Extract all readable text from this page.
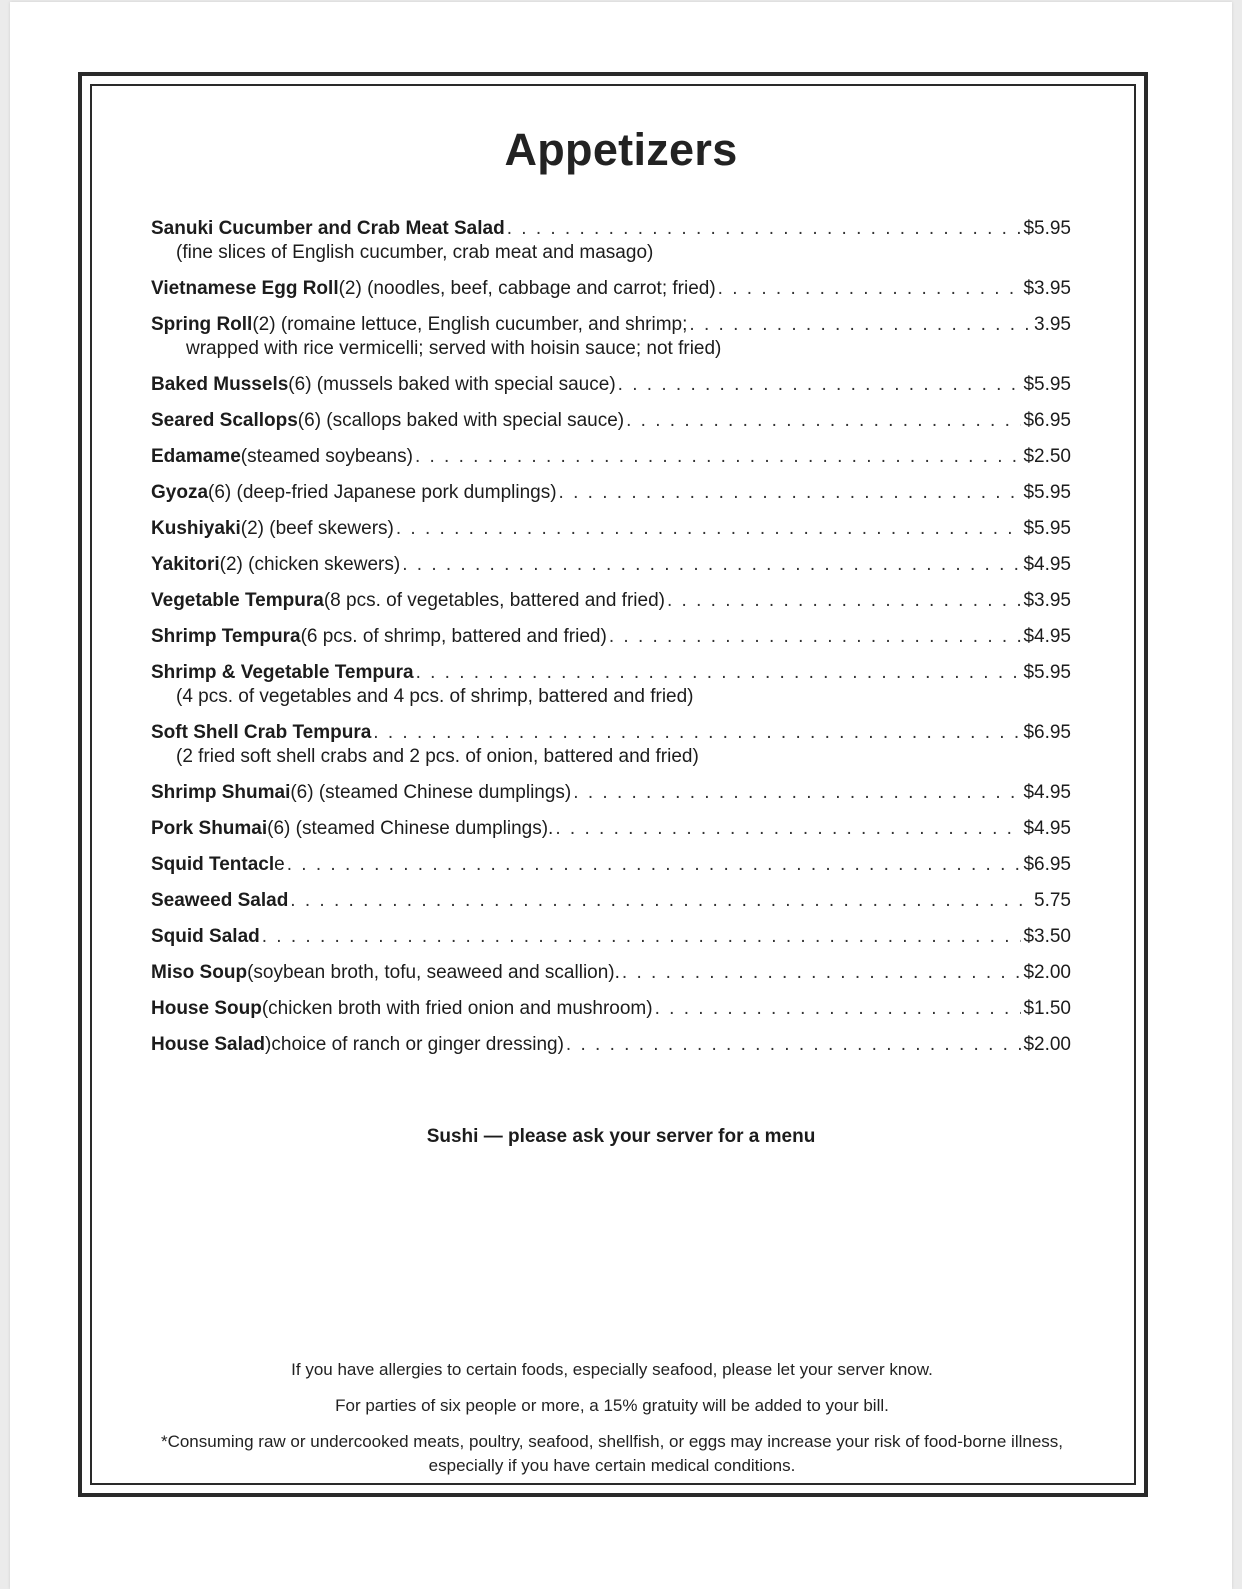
Appetizers
Sanuki Cucumber and Crab Meat Salad . . .	$5.95
(fine slices of English cucumber, crab meat and masago)
Vietnamese Egg Roll (2) (noodles, beef, cabbage and carrot; fried) . . .	$3.95
Spring Roll (2) (romaine lettuce, English cucumber, and shrimp; . . .	3.95
wrapped with rice vermicelli; served with hoisin sauce; not fried)
Baked Mussels (6) (mussels baked with special sauce) . . .	$5.95
Seared Scallops (6) (scallops baked with special sauce) . . .	$6.95
Edamame (steamed soybeans) . . .	$2.50
Gyoza (6) (deep-fried Japanese pork dumplings) . . .	$5.95
Kushiyaki (2) (beef skewers) . . .	$5.95
Yakitori (2) (chicken skewers) . . .	$4.95
Vegetable Tempura (8 pcs. of vegetables, battered and fried) . . .	$3.95
Shrimp Tempura (6 pcs. of shrimp, battered and fried) . . .	$4.95
Shrimp & Vegetable Tempura . . .	$5.95
(4 pcs. of vegetables and 4 pcs. of shrimp, battered and fried)
Soft Shell Crab Tempura . . .	$6.95
(2 fried soft shell crabs and 2 pcs. of onion, battered and fried)
Shrimp Shumai (6) (steamed Chinese dumplings) . . .	$4.95
Pork Shumai (6) (steamed Chinese dumplings). . . .	$4.95
Squid Tentacl e . . .	$6.95
Seaweed Salad . . .	5.75
Squid Salad . . .	$3.50
Miso Soup (soybean broth, tofu, seaweed and scallion). . . .	$2.00
House Soup (chicken broth with fried onion and mushroom) . . .	$1.50
House Salad )choice of ranch or ginger dressing) . . .	$2.00
Sushi — please ask your server for a menu

If you have allergies to certain foods, especially seafood, please let your server know.

For parties of six people or more, a 15% gratuity will be added to your bill.

*Consuming raw or undercooked meats, poultry, seafood, shellfish, or eggs may increase your risk of food-borne illness, especially if you have certain medical conditions.
